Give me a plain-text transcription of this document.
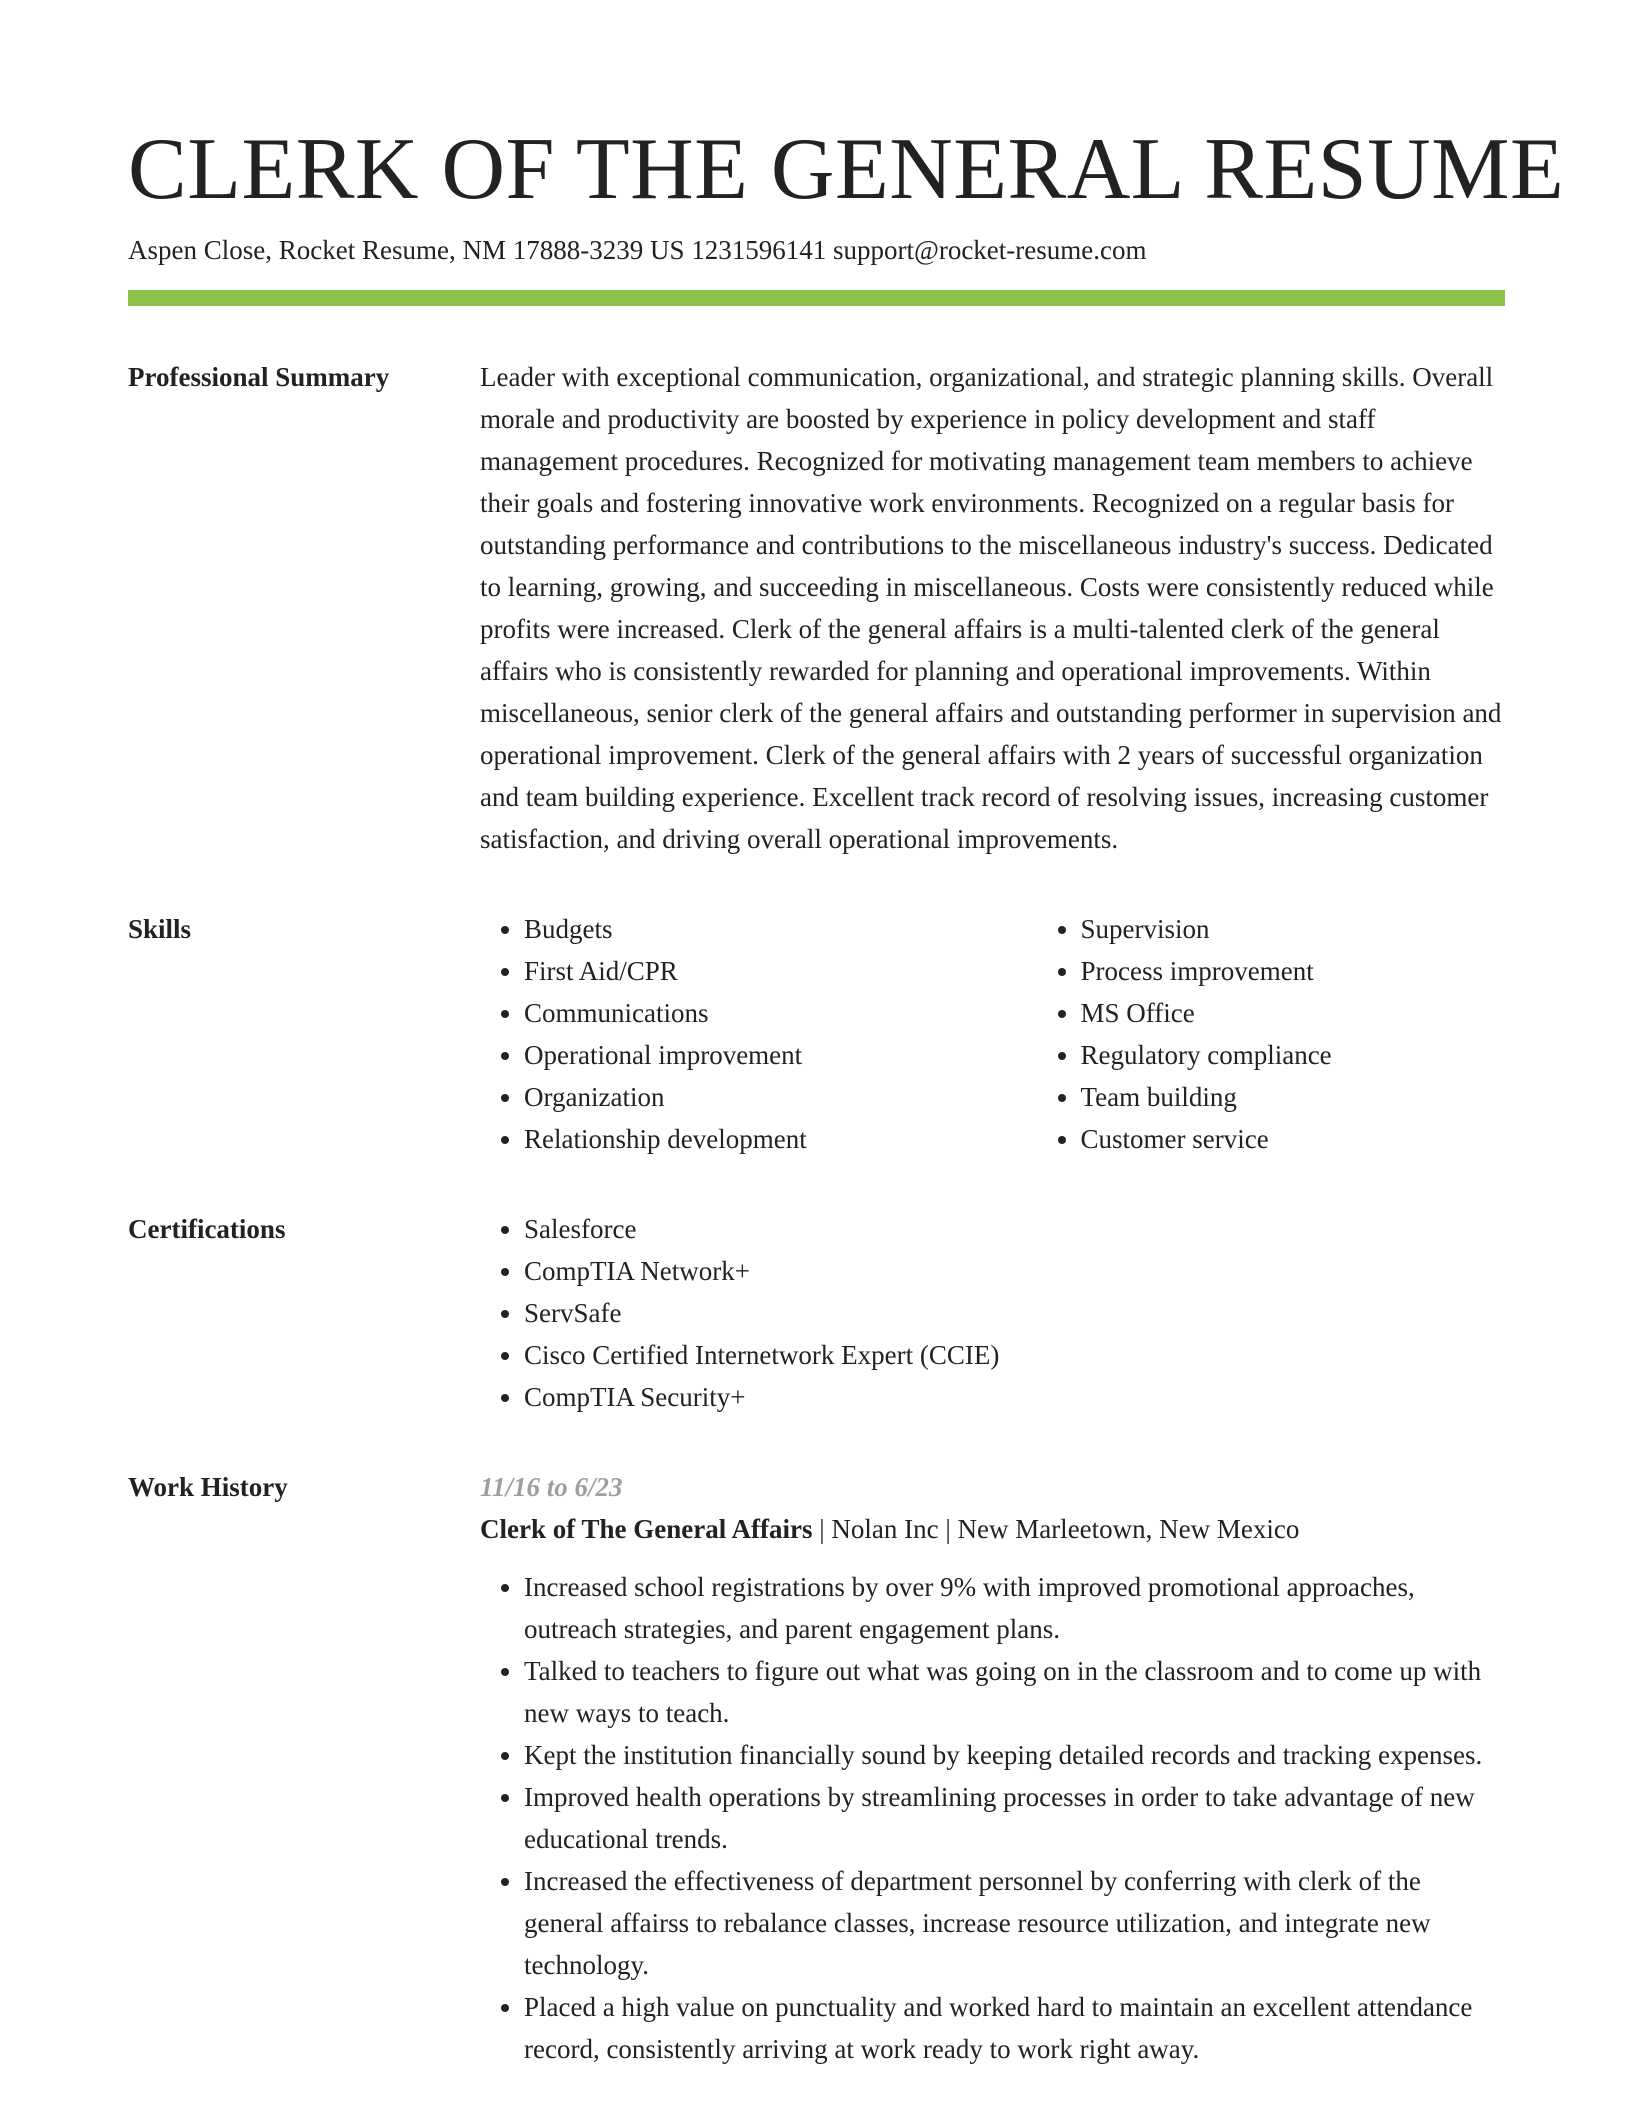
CLERK OF THE GENERAL RESUME
Aspen Close, Rocket Resume, NM 17888-3239 US 1231596141 support@rocket-resume.com
Professional Summary	Leader with exceptional communication, organizational, and strategic planning skills. Overall morale and productivity are boosted by experience in policy development and staff management procedures. Recognized for motivating management team members to achieve their goals and fostering innovative work environments. Recognized on a regular basis for outstanding performance and contributions to the miscellaneous industry's success. Dedicated to learning, growing, and succeeding in miscellaneous. Costs were consistently reduced while profits were increased. Clerk of the general affairs is a multi-talented clerk of the general affairs who is consistently rewarded for planning and operational improvements. Within miscellaneous, senior clerk of the general affairs and outstanding performer in supervision and operational improvement. Clerk of the general affairs with 2 years of successful organization and team building experience. Excellent track record of resolving issues, increasing customer satisfaction, and driving overall operational improvements.

Skills	• Budgets
• First Aid/CPR
• Communications
• Operational improvement
• Organization
• Relationship development
• Supervision
• Process improvement
• MS Office
• Regulatory compliance
• Team building
• Customer service
Certifications	• Salesforce
• CompTIA Network+
• ServSafe
• Cisco Certified Internetwork Expert (CCIE)
• CompTIA Security+
Work History	11/16 to 6/23
Clerk of The General Affairs | Nolan Inc | New Marleetown, New Mexico
• Increased school registrations by over 9% with improved promotional approaches, outreach strategies, and parent engagement plans.
• Talked to teachers to figure out what was going on in the classroom and to come up with new ways to teach.
• Kept the institution financially sound by keeping detailed records and tracking expenses.
• Improved health operations by streamlining processes in order to take advantage of new educational trends.
• Increased the effectiveness of department personnel by conferring with clerk of the general affairss to rebalance classes, increase resource utilization, and integrate new technology.
• Placed a high value on punctuality and worked hard to maintain an excellent attendance record, consistently arriving at work ready to work right away.
